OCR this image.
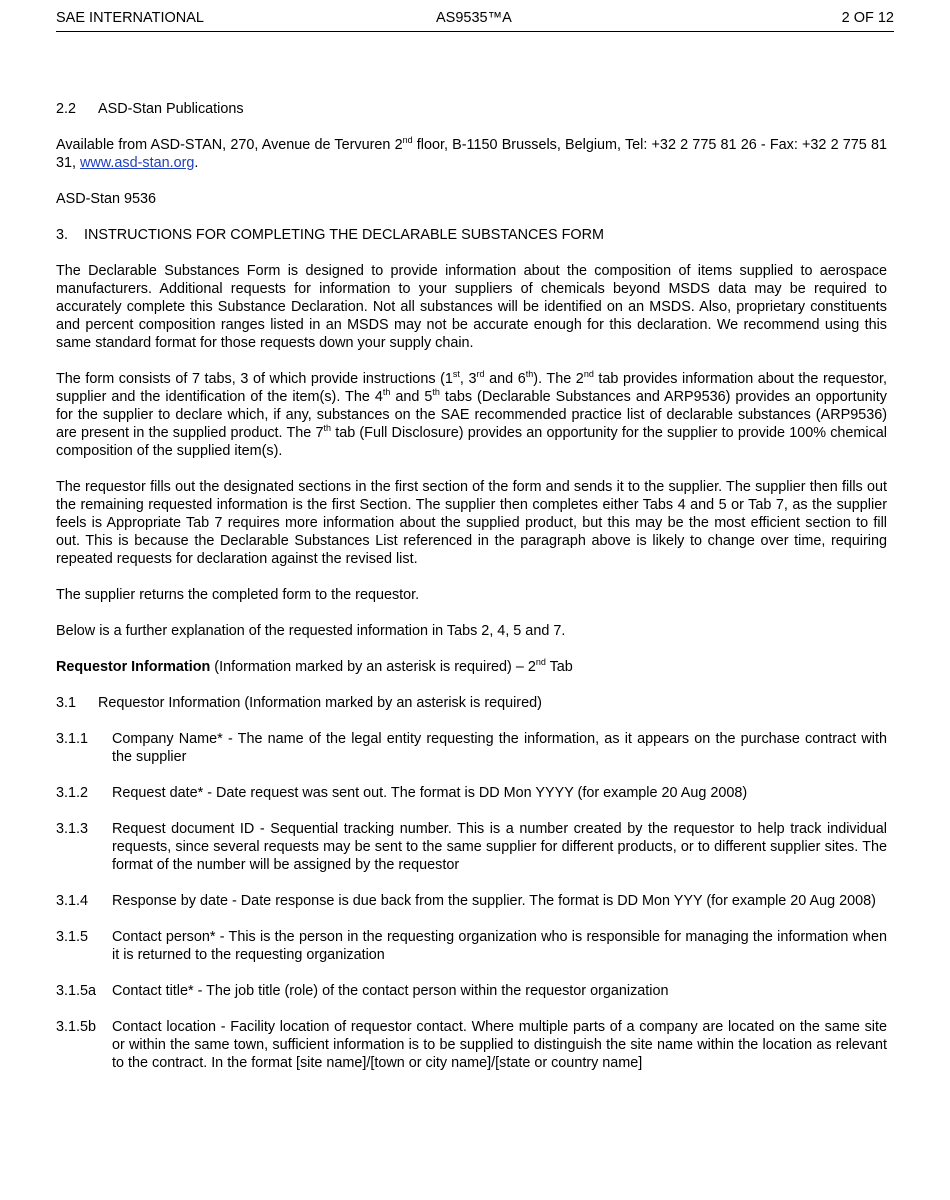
SAE INTERNATIONAL	AS9535™A	2 OF 12
2.2 ASD-Stan Publications

Available from ASD-STAN, 270, Avenue de Tervuren 2nd floor, B-1150 Brussels, Belgium, Tel: +32 2 775 81 26 - Fax: +32 2 775 81 31, www.asd-stan.org.

ASD-Stan 9536

3. INSTRUCTIONS FOR COMPLETING THE DECLARABLE SUBSTANCES FORM

The Declarable Substances Form is designed to provide information about the composition of items supplied to aerospace manufacturers. Additional requests for information to your suppliers of chemicals beyond MSDS data may be required to accurately complete this Substance Declaration. Not all substances will be identified on an MSDS. Also, proprietary constituents and percent composition ranges listed in an MSDS may not be accurate enough for this declaration. We recommend using this same standard format for those requests down your supply chain.

The form consists of 7 tabs, 3 of which provide instructions (1st, 3rd and 6th). The 2nd tab provides information about the requestor, supplier and the identification of the item(s). The 4th and 5th tabs (Declarable Substances and ARP9536) provides an opportunity for the supplier to declare which, if any, substances on the SAE recommended practice list of declarable substances (ARP9536) are present in the supplied product. The 7th tab (Full Disclosure) provides an opportunity for the supplier to provide 100% chemical composition of the supplied item(s).

The requestor fills out the designated sections in the first section of the form and sends it to the supplier. The supplier then fills out the remaining requested information is the first Section. The supplier then completes either Tabs 4 and 5 or Tab 7, as the supplier feels is Appropriate Tab 7 requires more information about the supplied product, but this may be the most efficient section to fill out. This is because the Declarable Substances List referenced in the paragraph above is likely to change over time, requiring repeated requests for declaration against the revised list.

The supplier returns the completed form to the requestor.

Below is a further explanation of the requested information in Tabs 2, 4, 5 and 7.

Requestor Information (Information marked by an asterisk is required) – 2nd Tab

3.1 Requestor Information (Information marked by an asterisk is required)
3.1.1 Company Name* - The name of the legal entity requesting the information, as it appears on the purchase contract with the supplier
3.1.2 Request date* - Date request was sent out. The format is DD Mon YYYY (for example 20 Aug 2008)
3.1.3 Request document ID - Sequential tracking number. This is a number created by the requestor to help track individual requests, since several requests may be sent to the same supplier for different products, or to different supplier sites. The format of the number will be assigned by the requestor
3.1.4 Response by date - Date response is due back from the supplier. The format is DD Mon YYY (for example 20 Aug 2008)
3.1.5 Contact person* - This is the person in the requesting organization who is responsible for managing the information when it is returned to the requesting organization
3.1.5a Contact title* - The job title (role) of the contact person within the requestor organization
3.1.5b Contact location - Facility location of requestor contact. Where multiple parts of a company are located on the same site or within the same town, sufficient information is to be supplied to distinguish the site name within the location as relevant to the contract. In the format [site name]/[town or city name]/[state or country name]
